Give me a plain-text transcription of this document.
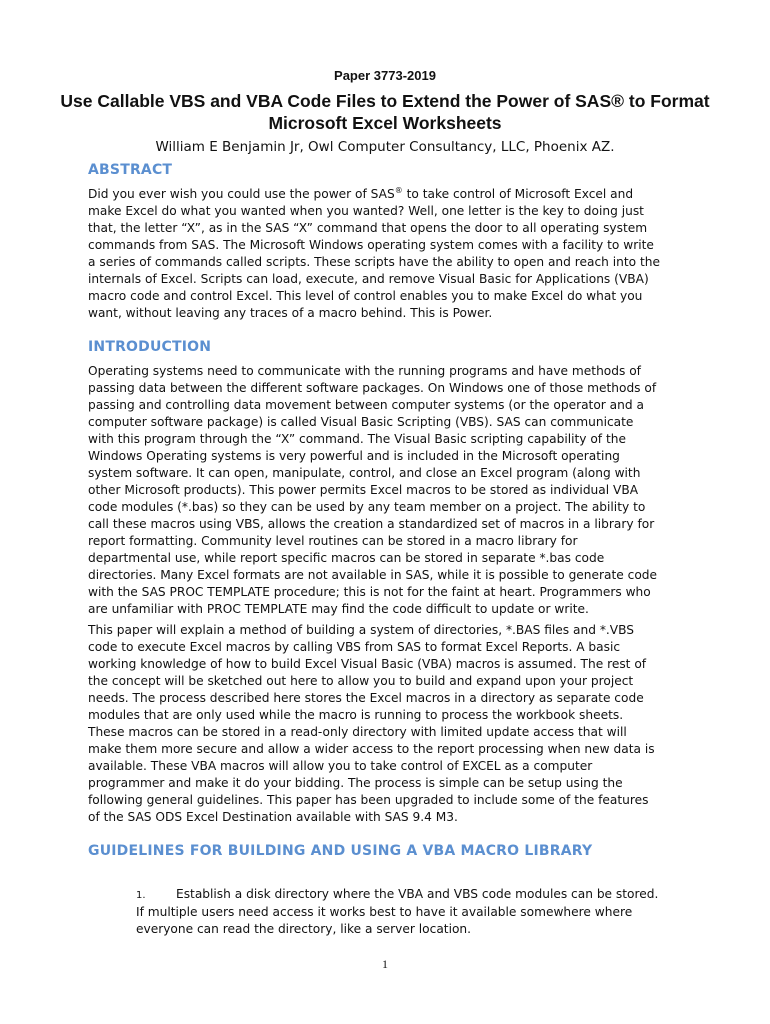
Paper 3773-2019
Use Callable VBS and VBA Code Files to Extend the Power of SAS® to Format Microsoft Excel Worksheets
William E Benjamin Jr, Owl Computer Consultancy, LLC, Phoenix AZ.
ABSTRACT

Did you ever wish you could use the power of SAS® to take control of Microsoft Excel and
make Excel do what you wanted when you wanted? Well, one letter is the key to doing just
that, the letter “X”, as in the SAS “X” command that opens the door to all operating system
commands from SAS. The Microsoft Windows operating system comes with a facility to write
a series of commands called scripts. These scripts have the ability to open and reach into the
internals of Excel. Scripts can load, execute, and remove Visual Basic for Applications (VBA)
macro code and control Excel. This level of control enables you to make Excel do what you
want, without leaving any traces of a macro behind. This is Power.

INTRODUCTION

Operating systems need to communicate with the running programs and have methods of
passing data between the different software packages. On Windows one of those methods of
passing and controlling data movement between computer systems (or the operator and a
computer software package) is called Visual Basic Scripting (VBS). SAS can communicate
with this program through the “X” command. The Visual Basic scripting capability of the
Windows Operating systems is very powerful and is included in the Microsoft operating
system software. It can open, manipulate, control, and close an Excel program (along with
other Microsoft products). This power permits Excel macros to be stored as individual VBA
code modules (*.bas) so they can be used by any team member on a project. The ability to
call these macros using VBS, allows the creation a standardized set of macros in a library for
report formatting. Community level routines can be stored in a macro library for
departmental use, while report specific macros can be stored in separate *.bas code
directories. Many Excel formats are not available in SAS, while it is possible to generate code
with the SAS PROC TEMPLATE procedure; this is not for the faint at heart. Programmers who
are unfamiliar with PROC TEMPLATE may find the code difficult to update or write.

This paper will explain a method of building a system of directories, *.BAS files and *.VBS
code to execute Excel macros by calling VBS from SAS to format Excel Reports. A basic
working knowledge of how to build Excel Visual Basic (VBA) macros is assumed. The rest of
the concept will be sketched out here to allow you to build and expand upon your project
needs. The process described here stores the Excel macros in a directory as separate code
modules that are only used while the macro is running to process the workbook sheets.
These macros can be stored in a read-only directory with limited update access that will
make them more secure and allow a wider access to the report processing when new data is
available. These VBA macros will allow you to take control of EXCEL as a computer
programmer and make it do your bidding. The process is simple can be setup using the
following general guidelines. This paper has been upgraded to include some of the features
of the SAS ODS Excel Destination available with SAS 9.4 M3.

GUIDELINES FOR BUILDING AND USING A VBA MACRO LIBRARY
1. Establish a disk directory where the VBA and VBS code modules can be stored.
If multiple users need access it works best to have it available somewhere where
everyone can read the directory, like a server location.
1
